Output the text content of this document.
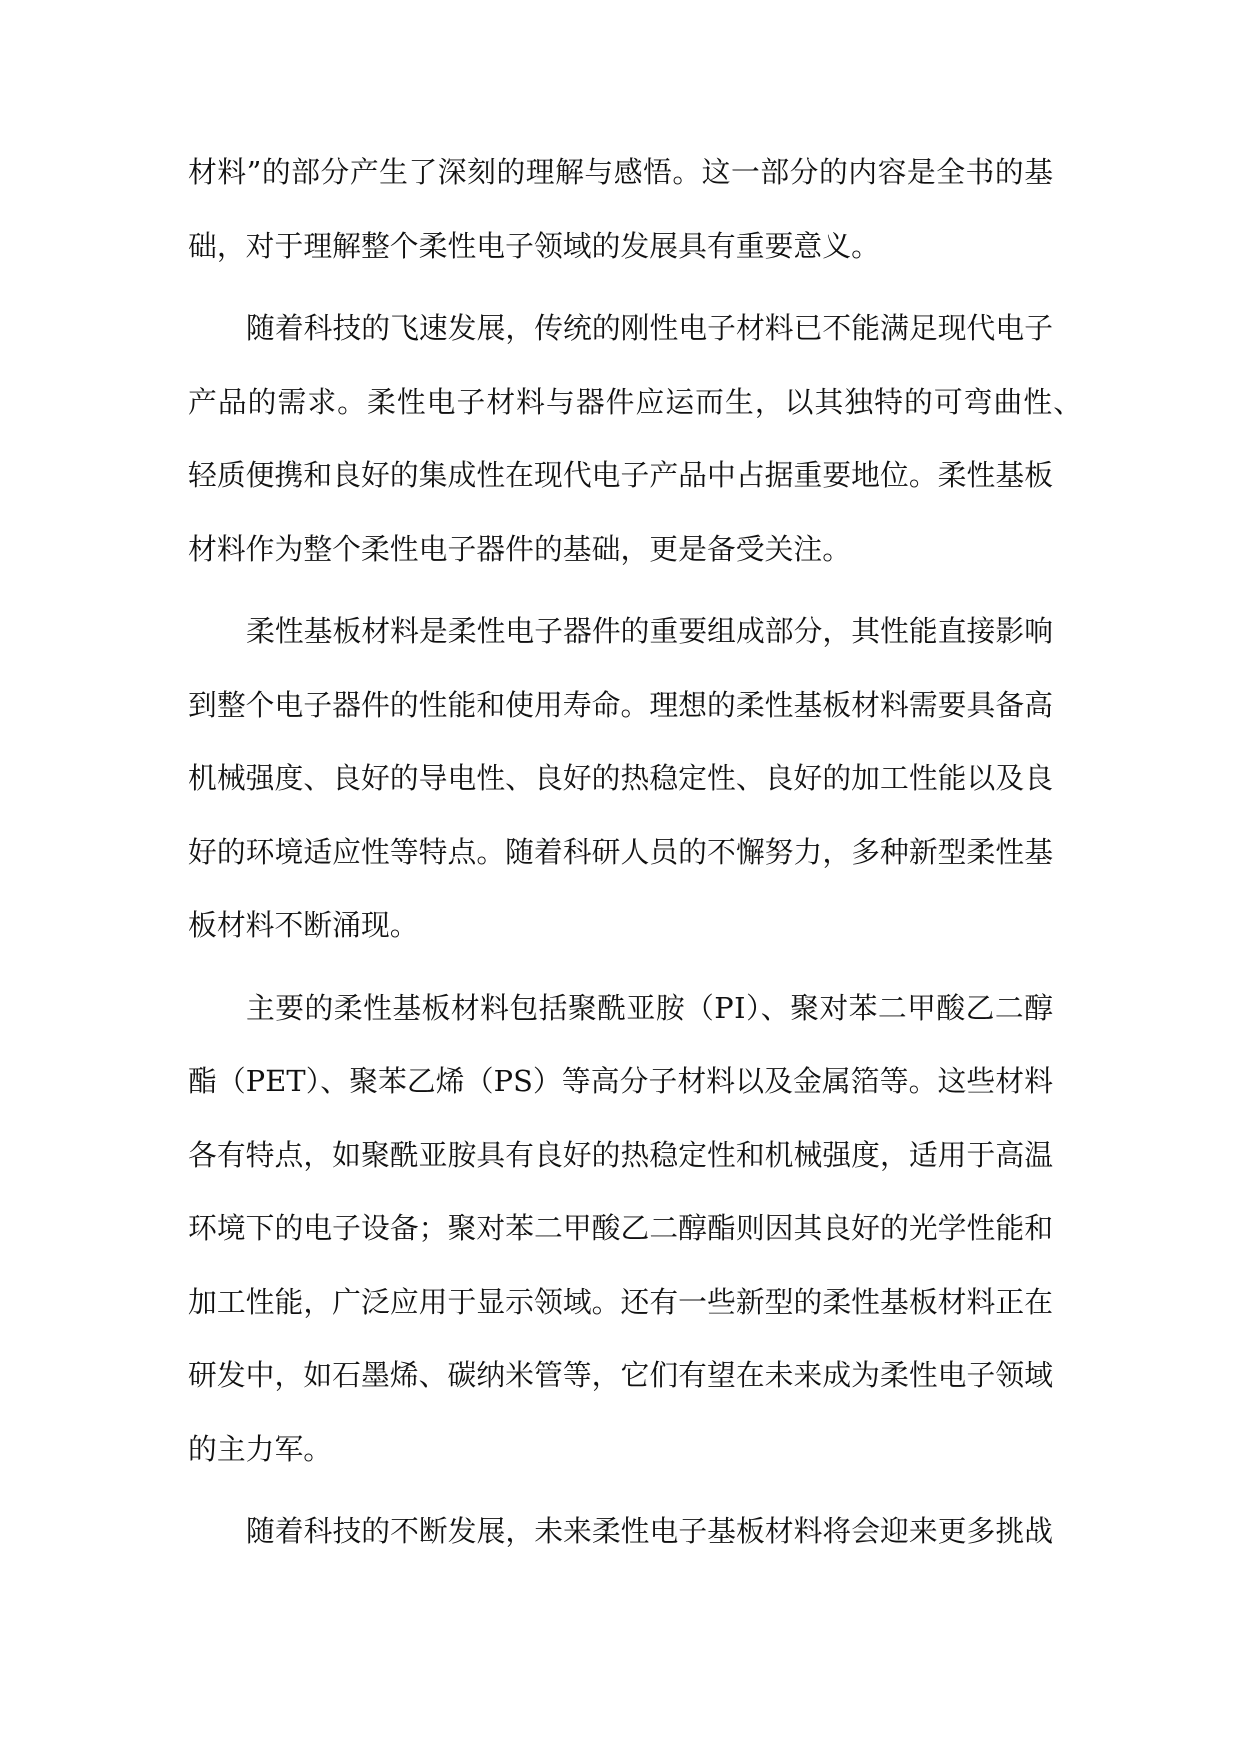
材料”的部分产生了深刻的理解与感悟。这一部分的内容是全书的基
础，对于理解整个柔性电子领域的发展具有重要意义。
随着科技的飞速发展，传统的刚性电子材料已不能满足现代电子
产品的需求。柔性电子材料与器件应运而生，以其独特的可弯曲性、
轻质便携和良好的集成性在现代电子产品中占据重要地位。柔性基板
材料作为整个柔性电子器件的基础，更是备受关注。
柔性基板材料是柔性电子器件的重要组成部分，其性能直接影响
到整个电子器件的性能和使用寿命。理想的柔性基板材料需要具备高
机械强度、良好的导电性、良好的热稳定性、良好的加工性能以及良
好的环境适应性等特点。随着科研人员的不懈努力，多种新型柔性基
板材料不断涌现。
主要的柔性基板材料包括聚酰亚胺（PI）、聚对苯二甲酸乙二醇
酯（PET）、聚苯乙烯（PS）等高分子材料以及金属箔等。这些材料
各有特点，如聚酰亚胺具有良好的热稳定性和机械强度，适用于高温
环境下的电子设备；聚对苯二甲酸乙二醇酯则因其良好的光学性能和
加工性能，广泛应用于显示领域。还有一些新型的柔性基板材料正在
研发中，如石墨烯、碳纳米管等，它们有望在未来成为柔性电子领域
的主力军。
随着科技的不断发展，未来柔性电子基板材料将会迎来更多挑战
